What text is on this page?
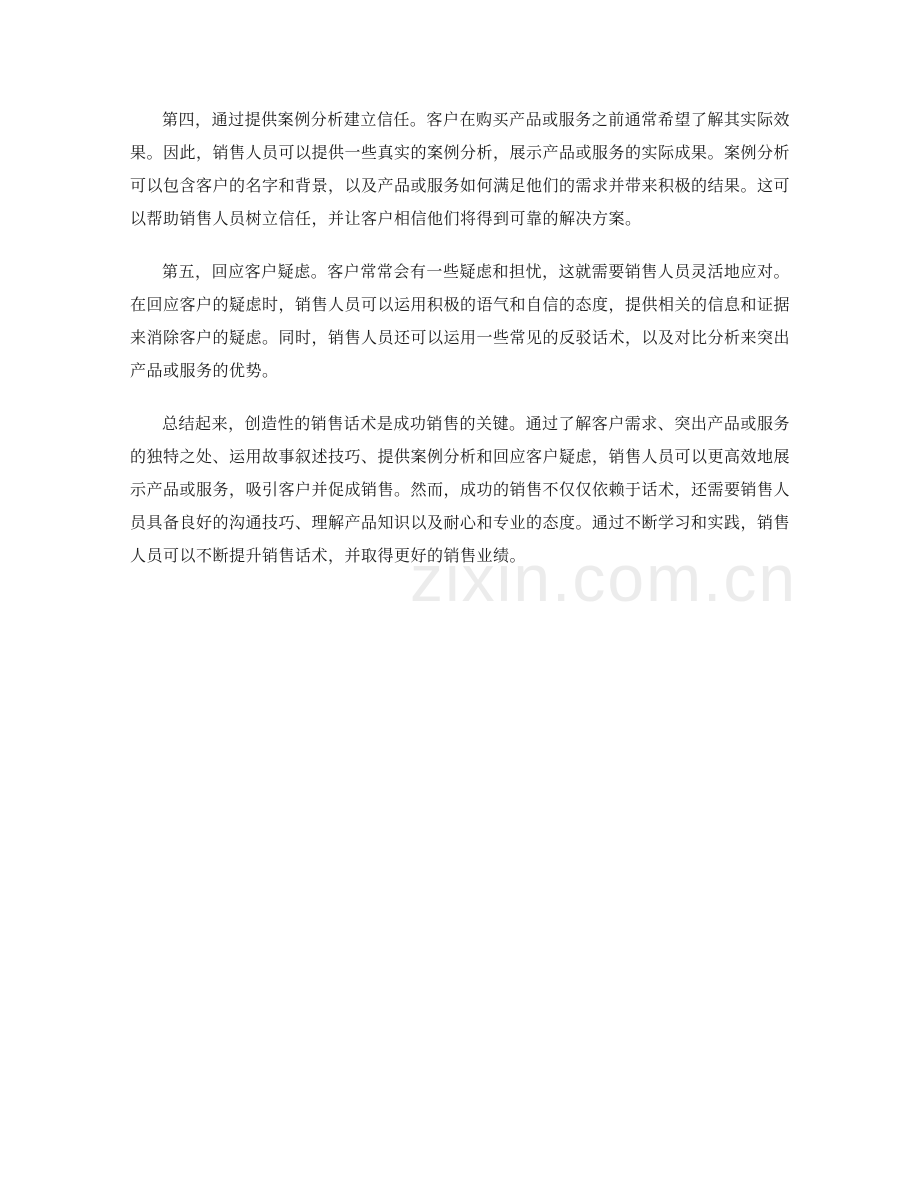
第四，通过提供案例分析建立信任。客户在购买产品或服务之前通常希望了解其实际效果。因此，销售人员可以提供一些真实的案例分析，展示产品或服务的实际成果。案例分析可以包含客户的名字和背景，以及产品或服务如何满足他们的需求并带来积极的结果。这可以帮助销售人员树立信任，并让客户相信他们将得到可靠的解决方案。

第五，回应客户疑虑。客户常常会有一些疑虑和担忧，这就需要销售人员灵活地应对。在回应客户的疑虑时，销售人员可以运用积极的语气和自信的态度，提供相关的信息和证据来消除客户的疑虑。同时，销售人员还可以运用一些常见的反驳话术，以及对比分析来突出产品或服务的优势。

总结起来，创造性的销售话术是成功销售的关键。通过了解客户需求、突出产品或服务的独特之处、运用故事叙述技巧、提供案例分析和回应客户疑虑，销售人员可以更高效地展示产品或服务，吸引客户并促成销售。然而，成功的销售不仅仅依赖于话术，还需要销售人员具备良好的沟通技巧、理解产品知识以及耐心和专业的态度。通过不断学习和实践，销售人员可以不断提升销售话术，并取得更好的销售业绩。

zixin.com.cn
